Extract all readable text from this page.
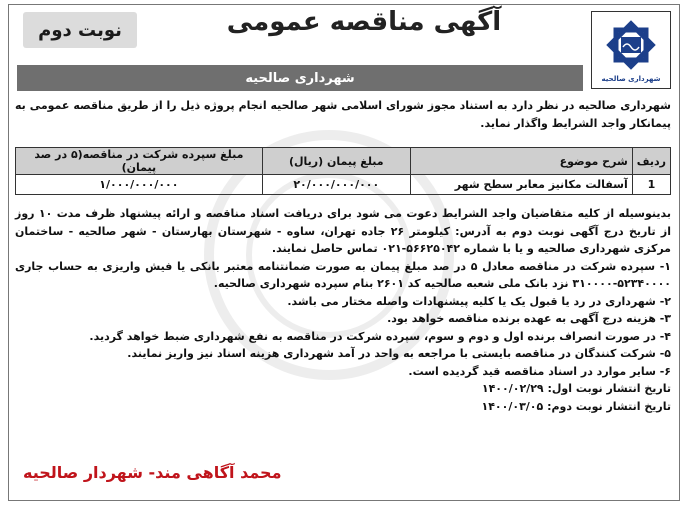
شهرداری صالحیه
آگهی مناقصه عمومی
نوبت دوم
شهرداری صالحیه
شهرداری صالحیه در نظر دارد به استناد مجوز شورای اسلامی شهر صالحیه انجام پروژه ذیل را از طریق مناقصه عمومی به پیمانکار واجد الشرایط واگذار نماید.
ردیف	شرح موضوع	مبلغ پیمان (ریال)	مبلغ سپرده شرکت در مناقصه(۵ در صد پیمان)
1	آسفالت مکانیز معابر سطح شهر	۲۰/۰۰۰/۰۰۰/۰۰۰	۱/۰۰۰/۰۰۰/۰۰۰

بدینوسیله از کلیه متقاضیان واجد الشرایط دعوت می شود برای دریافت اسناد مناقصه و ارائه پیشنهاد ظرف مدت ۱۰ روز از تاریخ درج آگهی نوبت دوم به آدرس: کیلومتر ۲۶ جاده تهران، ساوه - شهرستان بهارستان - شهر صالحیه - ساختمان مرکزی شهرداری صالحیه و یا با شماره ۵۶۶۲۵۰۴۲-۰۲۱ تماس حاصل نمایند.

۱- سپرده شرکت در مناقصه معادل ۵ در صد مبلغ پیمان به صورت ضمانتنامه معتبر بانکی یا فیش واریزی به حساب جاری ۵۲۳۴۰۰۰۰-۳۱۰۰۰۰ نزد بانک ملی شعبه صالحیه کد ۲۶۰۱ بنام سپرده شهرداری صالحیه.

۲- شهرداری در رد یا قبول یک یا کلیه پیشنهادات واصله مختار می باشد.

۳- هزینه درج آگهی به عهده برنده مناقصه خواهد بود.

۴- در صورت انصراف برنده اول و دوم و سوم، سپرده شرکت در مناقصه به نفع شهرداری ضبط خواهد گردید.

۵- شرکت کنندگان در مناقصه بایستی با مراجعه به واحد در آمد شهرداری هزینه اسناد نیز واریز نمایند.

۶- سایر موارد در اسناد مناقصه قید گردیده است.

تاریخ انتشار نوبت اول: ۱۴۰۰/۰۲/۲۹

تاریخ انتشار نوبت دوم: ۱۴۰۰/۰۳/۰۵

محمد آگاهی مند- شهردار صالحیه
